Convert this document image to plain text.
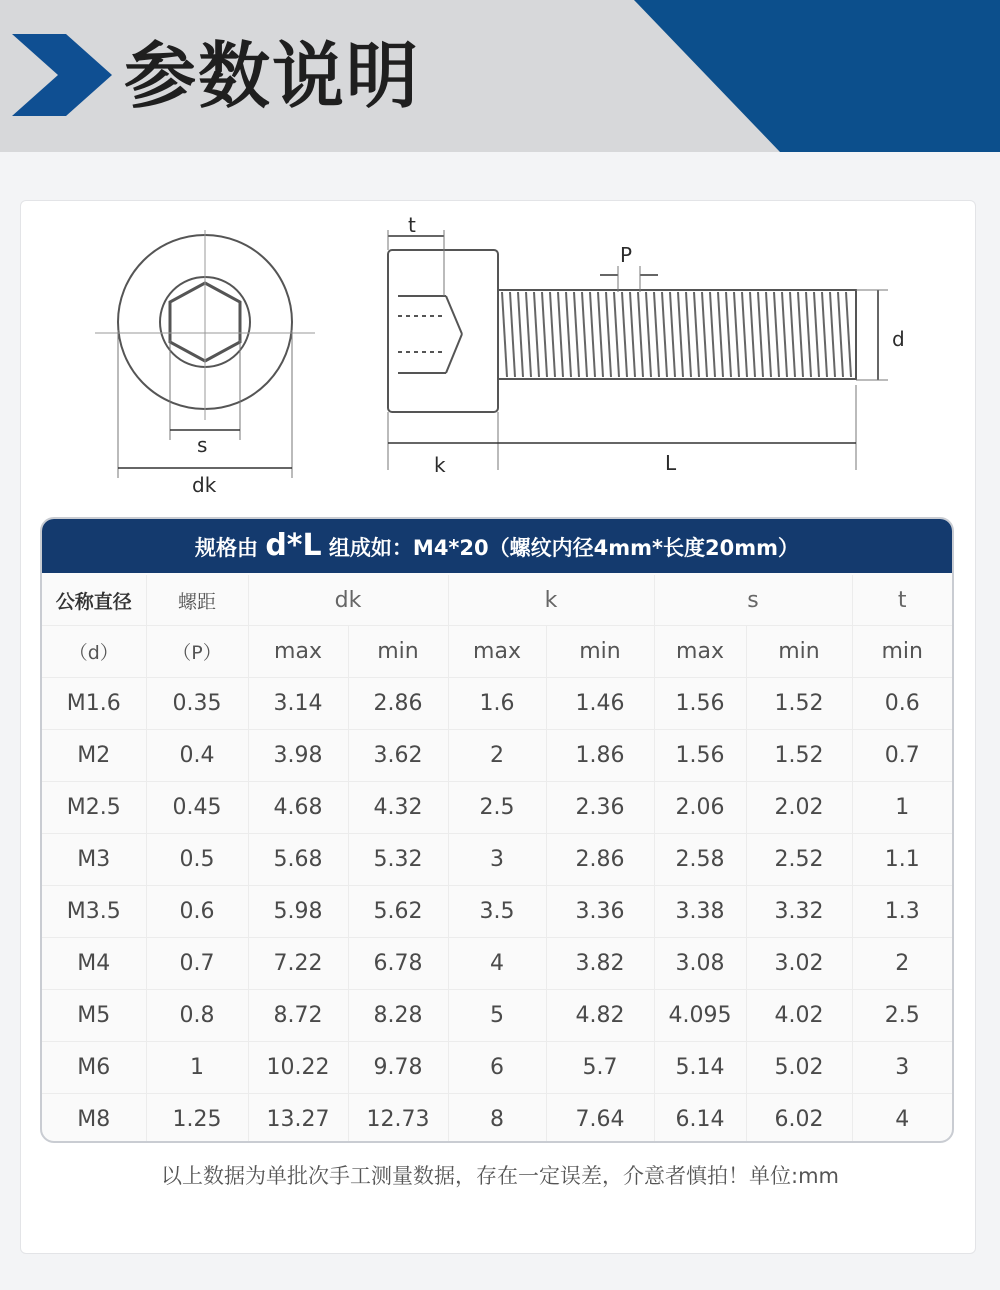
参数说明
s
dk
t
P
d
k	L
规格由 d*L 组成如：M4*20（螺纹内径4mm*长度20mm）
公称直径	螺距	dk		k		s		t
（d）	（P）	max	min	max	min	max	min	min
M1.6	0.35	3.14	2.86	1.6	1.46	1.56	1.52	0.6
M2	0.4	3.98	3.62	2	1.86	1.56	1.52	0.7
M2.5	0.45	4.68	4.32	2.5	2.36	2.06	2.02	1
M3	0.5	5.68	5.32	3	2.86	2.58	2.52	1.1
M3.5	0.6	5.98	5.62	3.5	3.36	3.38	3.32	1.3
M4	0.7	7.22	6.78	4	3.82	3.08	3.02	2
M5	0.8	8.72	8.28	5	4.82	4.095	4.02	2.5
M6	1	10.22	9.78	6	5.7	5.14	5.02	3
M8	1.25	13.27	12.73	8	7.64	6.14	6.02	4
以上数据为单批次手工测量数据，存在一定误差，介意者慎拍！单位:mm
